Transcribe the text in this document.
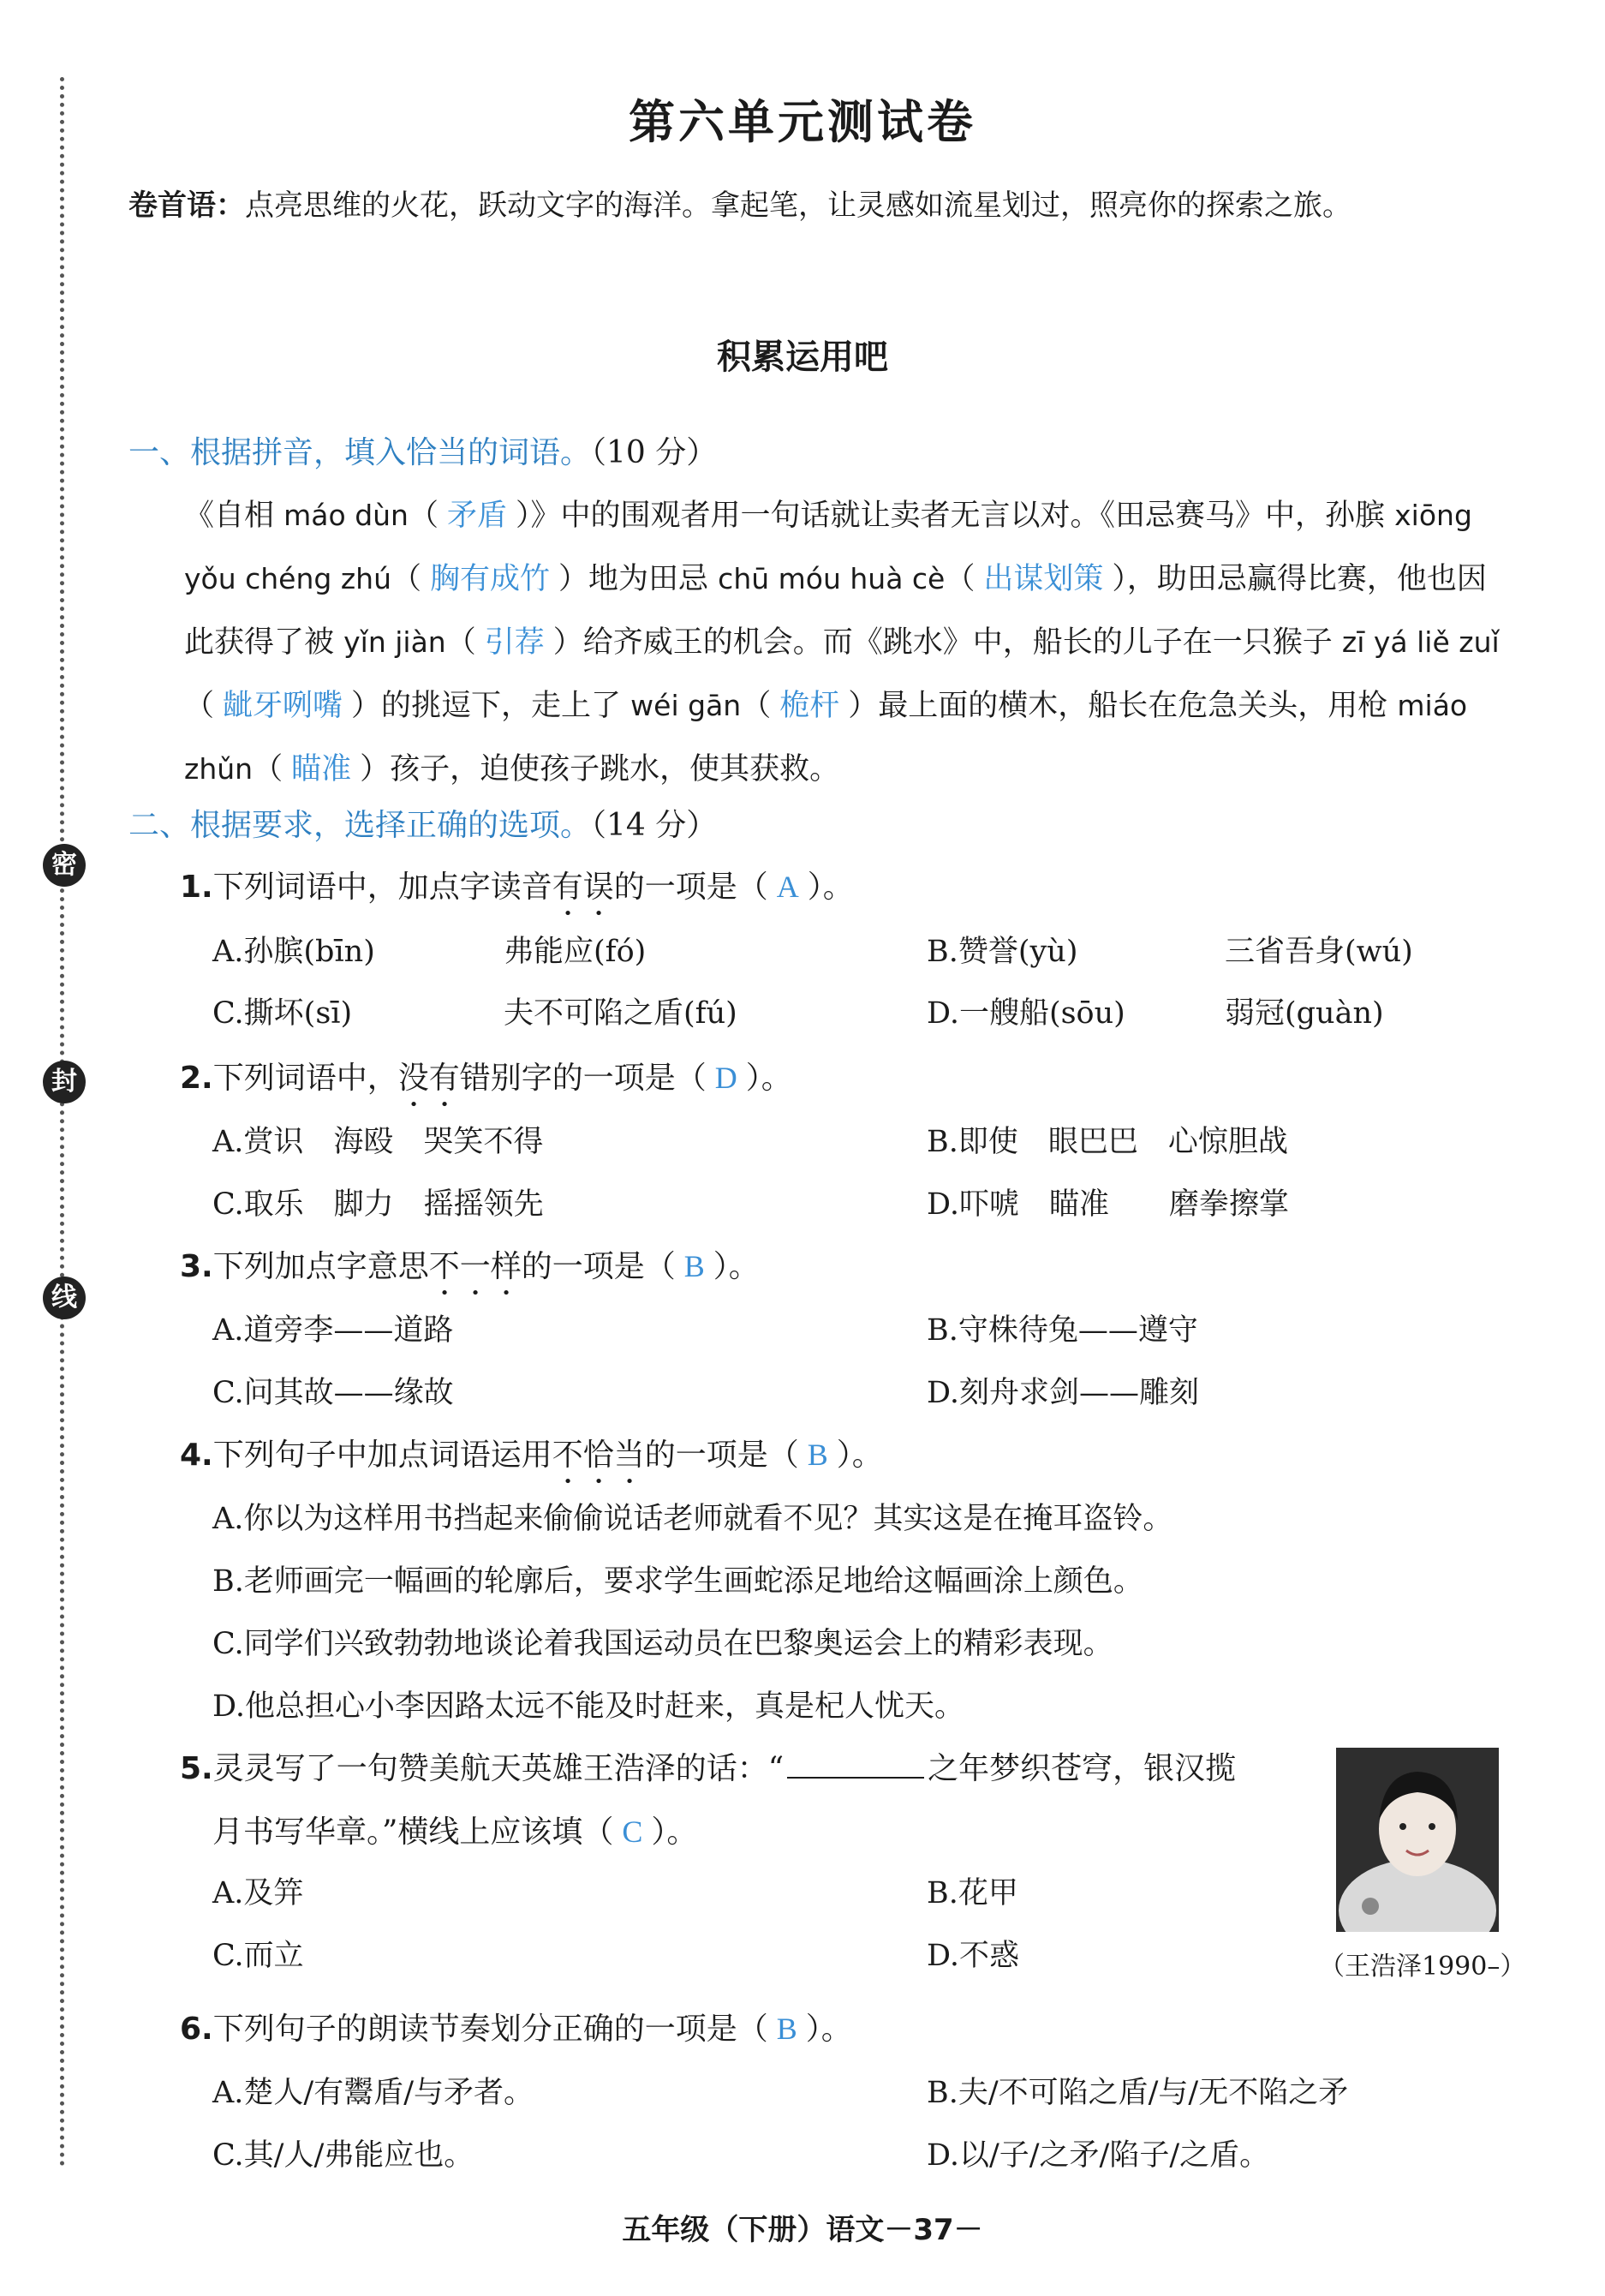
密
封
线
第六单元测试卷
卷首语：点亮思维的火花，跃动文字的海洋。拿起笔，让灵感如流星划过，照亮你的探索之旅。
积累运用吧
一、根据拼音，填入恰当的词语。（10 分）
《自相 máo dùn（ 矛盾 ）》中的围观者用一句话就让卖者无言以对。《田忌赛马》中，孙膑 xiōng yǒu chéng zhú（ 胸有成竹 ）地为田忌 chū móu huà cè（ 出谋划策 ），助田忌赢得比赛，他也因此获得了被 yǐn jiàn（ 引荐 ）给齐威王的机会。而《跳水》中，船长的儿子在一只猴子 zī yá liě zuǐ（ 龇牙咧嘴 ）的挑逗下，走上了 wéi gān（ 桅杆 ）最上面的横木，船长在危急关头，用枪 miáo zhǔn（ 瞄准 ）孩子，迫使孩子跳水，使其获救。
二、根据要求，选择正确的选项。（14 分）
1.下列词语中，加点字读音有误的一项是（ A ）。
A.孙膑(bīn)	弗能应(fó)	B.赞誉(yù)	三省吾身(wú)
C.撕坏(sī)	夫不可陷之盾(fú)	D.一艘船(sōu)	弱冠(guàn)
2.下列词语中，没有错别字的一项是（ D ）。
A.赏识　海殴　哭笑不得	B.即使　眼巴巴　心惊胆战
C.取乐　脚力　摇摇领先	D.吓唬　瞄准　　磨拳擦掌
3.下列加点字意思不一样的一项是（ B ）。
A.道旁李——道路	B.守株待兔——遵守
C.问其故——缘故	D.刻舟求剑——雕刻
4.下列句子中加点词语运用不恰当的一项是（ B ）。
A.你以为这样用书挡起来偷偷说话老师就看不见？其实这是在掩耳盗铃。
B.老师画完一幅画的轮廓后，要求学生画蛇添足地给这幅画涂上颜色。
C.同学们兴致勃勃地谈论着我国运动员在巴黎奥运会上的精彩表现。
D.他总担心小李因路太远不能及时赶来，真是杞人忧天。
5.灵灵写了一句赞美航天英雄王浩泽的话：“	之年梦织苍穹，银汉揽
月书写华章。”横线上应该填（ C ）。
A.及笄	B.花甲
C.而立	D.不惑	（王浩泽1990–）
6.下列句子的朗读节奏划分正确的一项是（ B ）。
A.楚人/有鬻盾/与矛者。	B.夫/不可陷之盾/与/无不陷之矛
C.其/人/弗能应也。	D.以/子/之矛/陷子/之盾。
五年级（下册）语文－37－
